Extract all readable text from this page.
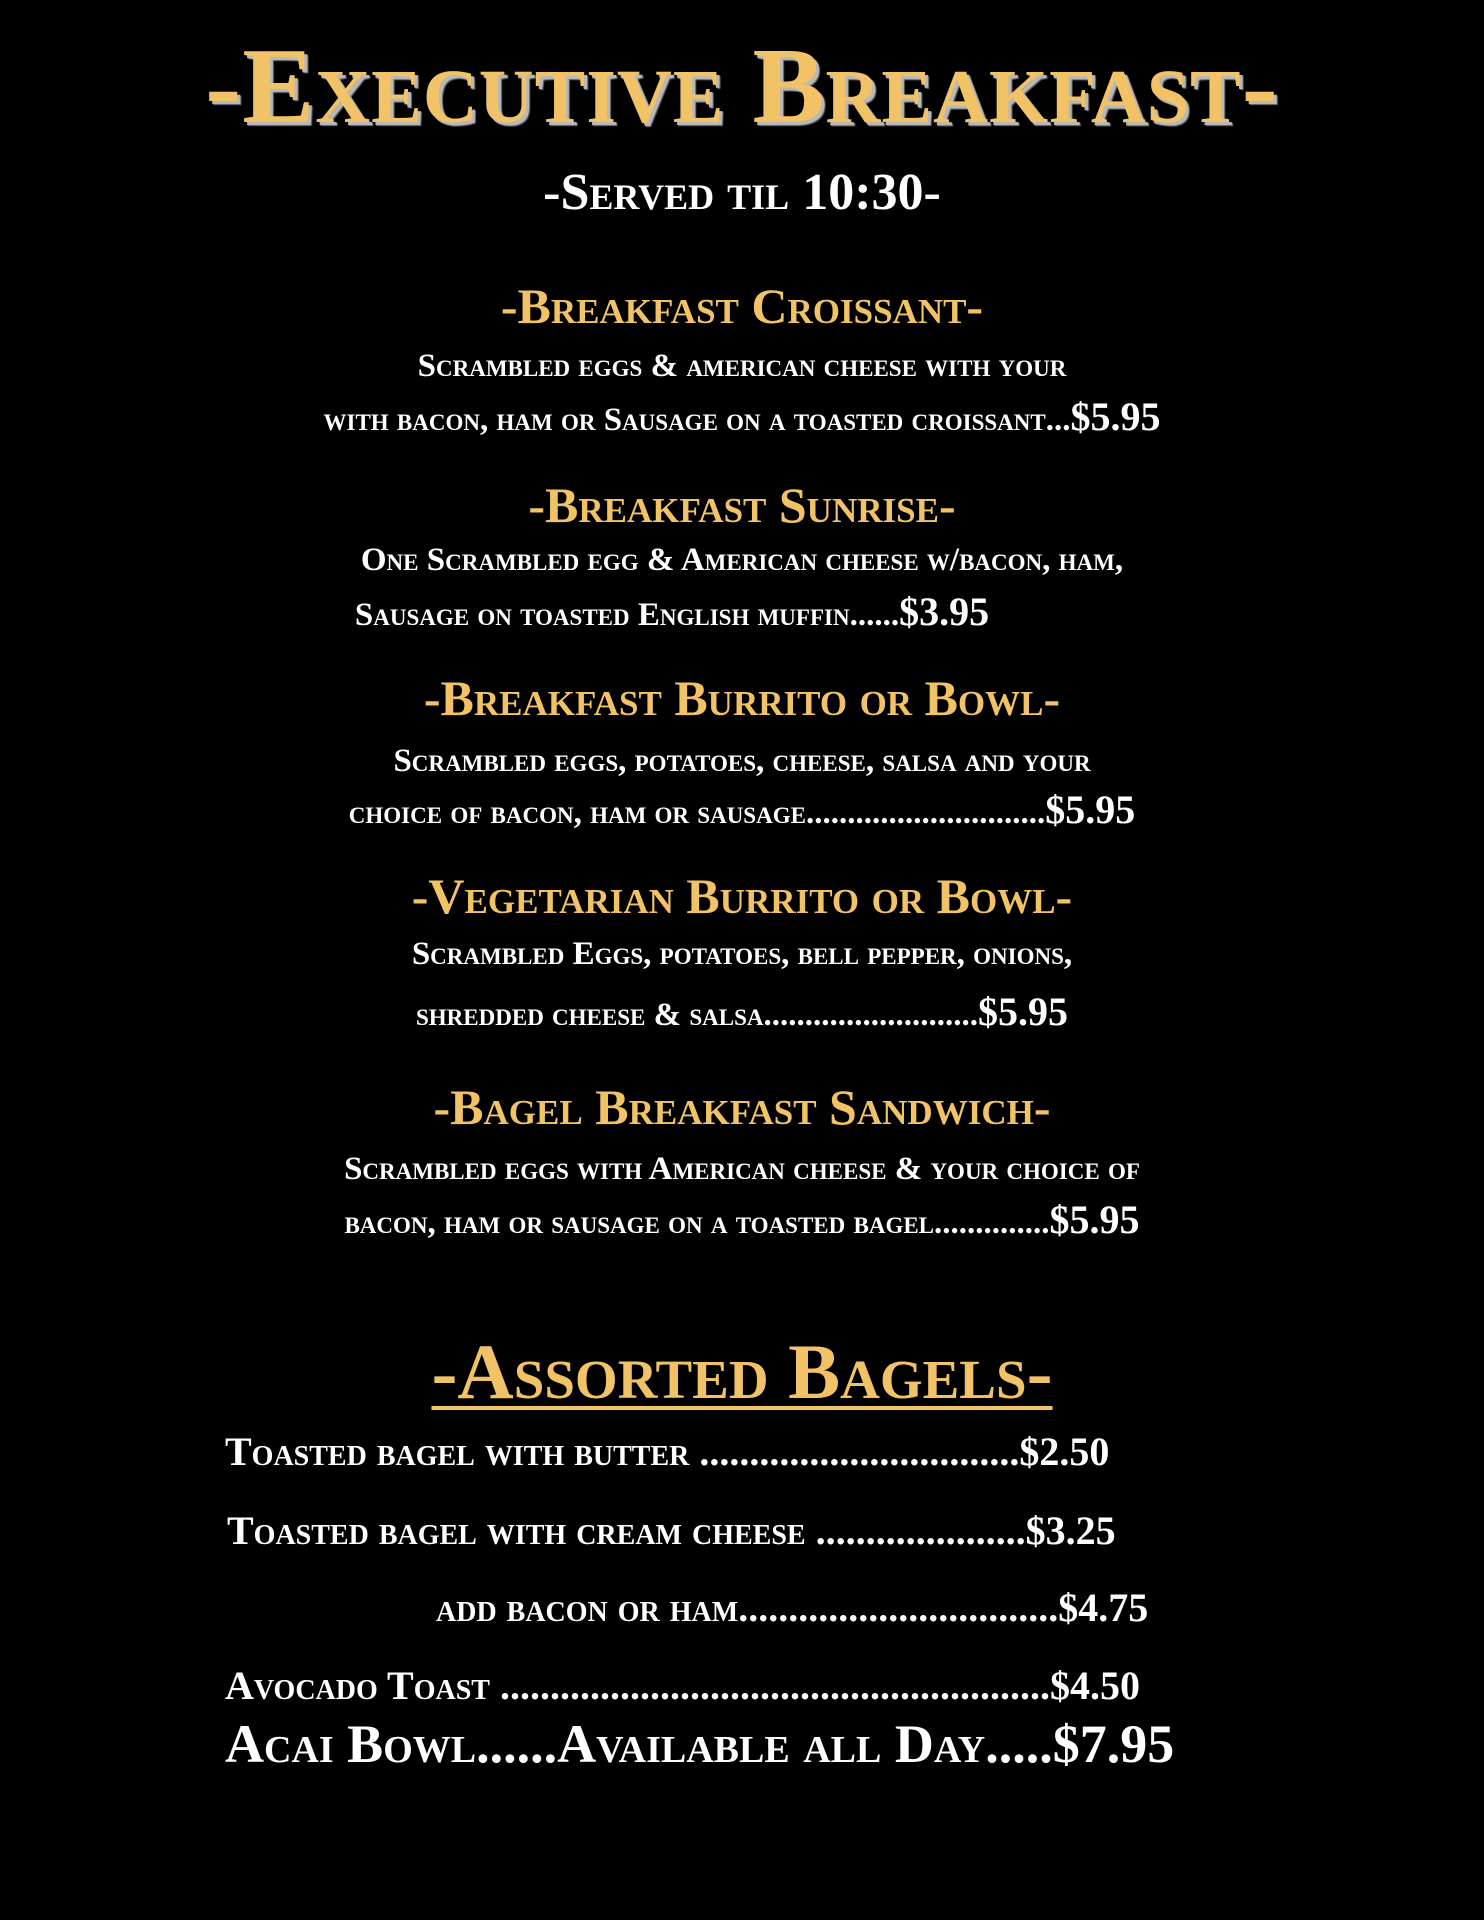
-Executive Breakfast-
-Served til 10:30-
-Breakfast Croissant-
Scrambled eggs & american cheese with your
with bacon, ham or Sausage on a toasted croissant...$5.95
-Breakfast Sunrise-
One Scrambled egg & American cheese w/bacon, ham,
Sausage on toasted English muffin......$3.95
-Breakfast Burrito or Bowl-
Scrambled eggs, potatoes, cheese, salsa and your
choice of bacon, ham or sausage.............................$5.95
-Vegetarian Burrito or Bowl-
Scrambled Eggs, potatoes, bell pepper, onions,
shredded cheese & salsa..........................$5.95
-Bagel Breakfast Sandwich-
Scrambled eggs with American cheese & your choice of
bacon, ham or sausage on a toasted bagel..............$5.95
-Assorted Bagels-
Toasted bagel with butter ................................$2.50
Toasted bagel with cream cheese .....................$3.25
add bacon or ham................................$4.75
Avocado Toast .......................................................$4.50
Acai Bowl......Available all Day.....$7.95
